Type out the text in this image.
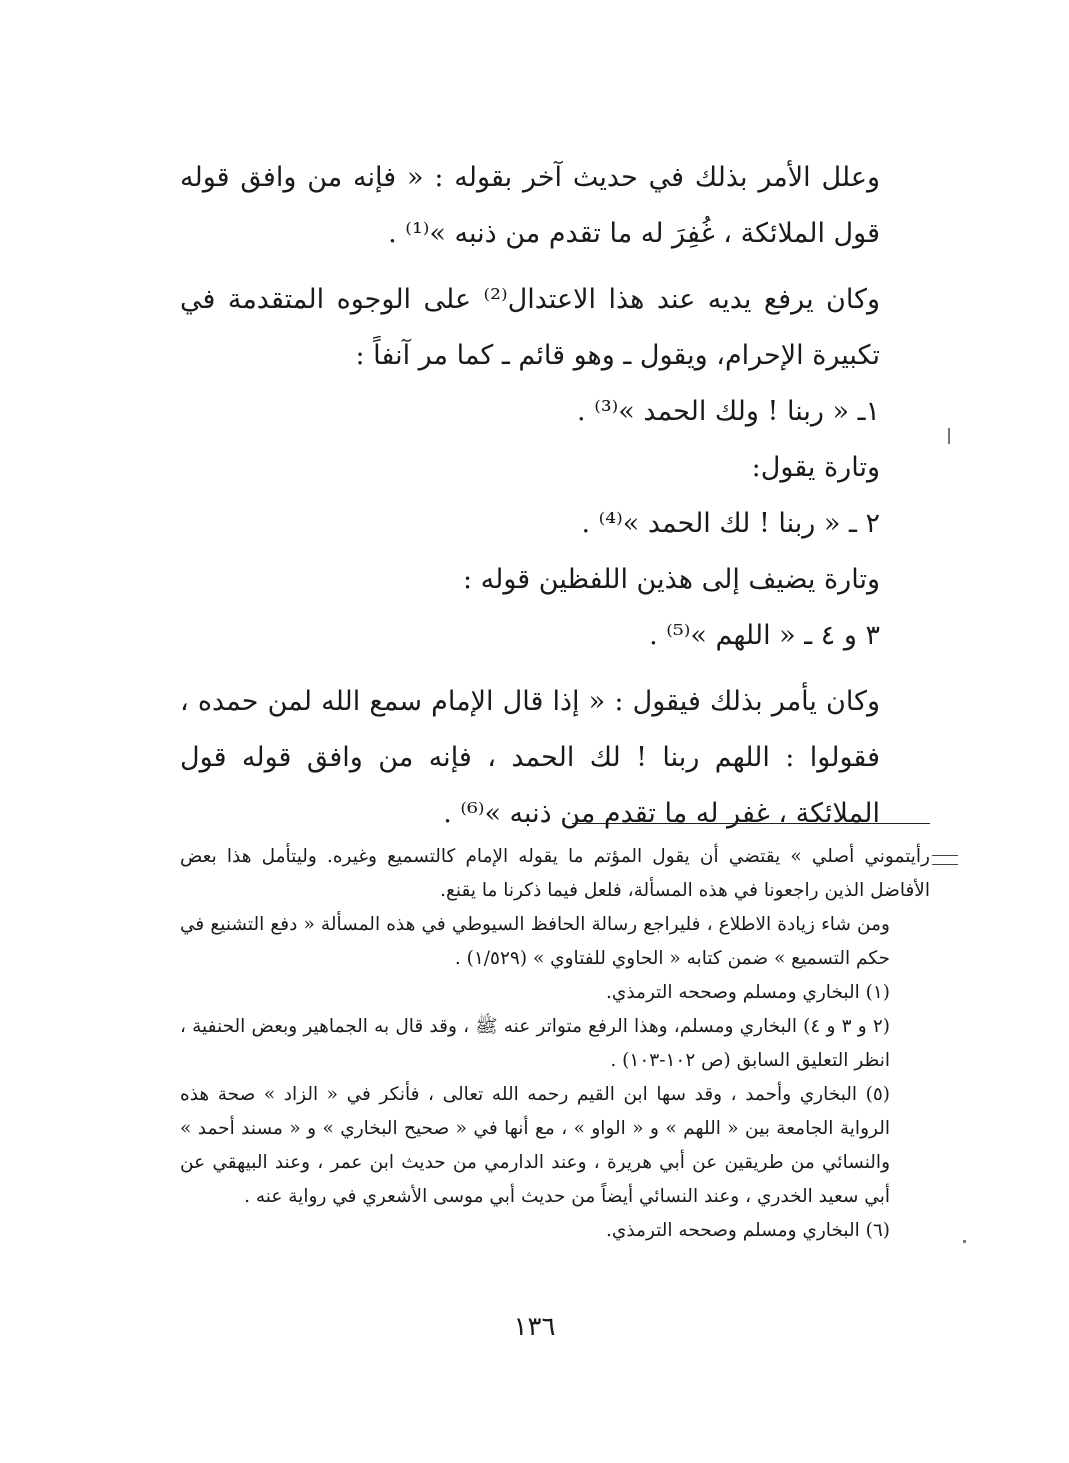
وعلل الأمر بذلك في حديث آخر بقوله : « فإنه من وافق قوله قول الملائكة ، غُفِرَ له ما تقدم من ذنبه »⁽¹⁾ .

وكان يرفع يديه عند هذا الاعتدال⁽²⁾ على الوجوه المتقدمة في تكبيرة الإحرام، ويقول ـ وهو قائم ـ كما مر آنفاً :

١ـ « ربنا ! ولك الحمد »⁽³⁾ .

وتارة يقول:

٢ ـ « ربنا ! لك الحمد »⁽⁴⁾ .

وتارة يضيف إلى هذين اللفظين قوله :

٣ و ٤ ـ « اللهم »⁽⁵⁾ .

وكان يأمر بذلك فيقول : « إذا قال الإمام سمع الله لمن حمده ، فقولوا : اللهم ربنا ! لك الحمد ، فإنه من وافق قوله قول الملائكة ، غفر له ما تقدم من ذنبه »⁽⁶⁾ .

رأيتموني أصلي » يقتضي أن يقول المؤتم ما يقوله الإمام كالتسميع وغيره. وليتأمل هذا بعض الأفاضل الذين راجعونا في هذه المسألة، فلعل فيما ذكرنا ما يقنع.

ومن شاء زيادة الاطلاع ، فليراجع رسالة الحافظ السيوطي في هذه المسألة « دفع التشنيع في حكم التسميع » ضمن كتابه « الحاوي للفتاوي » (١/٥٢٩) .

(١) البخاري ومسلم وصححه الترمذي.

(٢ و ٣ و ٤) البخاري ومسلم، وهذا الرفع متواتر عنه ﷺ ، وقد قال به الجماهير وبعض الحنفية ، انظر التعليق السابق (ص ١٠٢-١٠٣) .

(٥) البخاري وأحمد ، وقد سها ابن القيم رحمه الله تعالى ، فأنكر في « الزاد » صحة هذه الرواية الجامعة بين « اللهم » و « الواو » ، مع أنها في « صحيح البخاري » و « مسند أحمد » والنسائي من طريقين عن أبي هريرة ، وعند الدارمي من حديث ابن عمر ، وعند البيهقي عن أبي سعيد الخدري ، وعند النسائي أيضاً من حديث أبي موسى الأشعري في رواية عنه .

(٦) البخاري ومسلم وصححه الترمذي.

١٣٦
